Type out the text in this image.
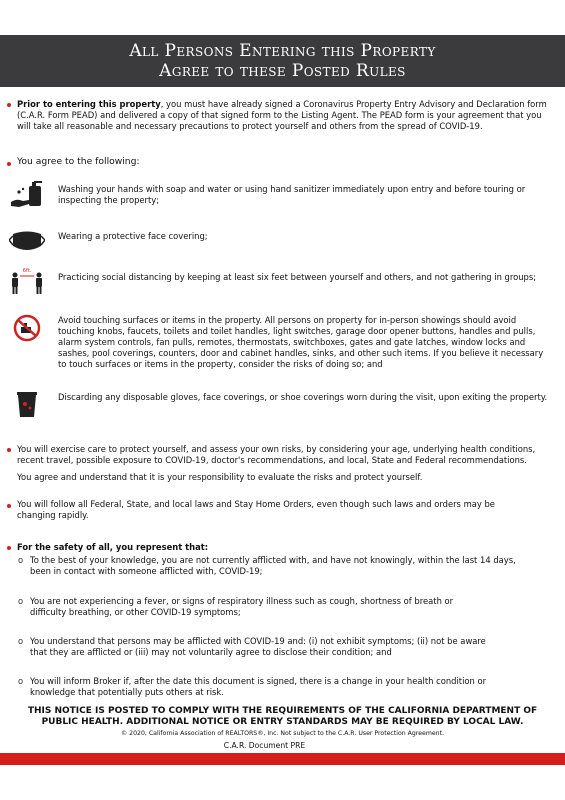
All Persons Entering this Property
Agree to these Posted Rules
Prior to entering this property, you must have already signed a Coronavirus Property Entry Advisory and Declaration form (C.A.R. Form PEAD) and delivered a copy of that signed form to the Listing Agent. The PEAD form is your agreement that you will take all reasonable and necessary precautions to protect yourself and others from the spread of COVID-19.
You agree to the following:
Washing your hands with soap and water or using hand sanitizer immediately upon entry and before touring or inspecting the property;
Wearing a protective face covering;
6ft.
Practicing social distancing by keeping at least six feet between yourself and others, and not gathering in groups;
Avoid touching surfaces or items in the property. All persons on property for in-person showings should avoid touching knobs, faucets, toilets and toilet handles, light switches, garage door opener buttons, handles and pulls, alarm system controls, fan pulls, remotes, thermostats, switchboxes, gates and gate latches, window locks and sashes, pool coverings, counters, door and cabinet handles, sinks, and other such items. If you believe it necessary to touch surfaces or items in the property, consider the risks of doing so; and
Discarding any disposable gloves, face coverings, or shoe coverings worn during the visit, upon exiting the property.
You will exercise care to protect yourself, and assess your own risks, by considering your age, underlying health conditions, recent travel, possible exposure to COVID-19, doctor's recommendations, and local, State and Federal recommendations.
You agree and understand that it is your responsibility to evaluate the risks and protect yourself.
You will follow all Federal, State, and local laws and Stay Home Orders, even though such laws and orders may be changing rapidly.
For the safety of all, you represent that:
o To the best of your knowledge, you are not currently afflicted with, and have not knowingly, within the last 14 days, been in contact with someone afflicted with, COVID-19;
o You are not experiencing a fever, or signs of respiratory illness such as cough, shortness of breath or difficulty breathing, or other COVID-19 symptoms;
o You understand that persons may be afflicted with COVID-19 and: (i) not exhibit symptoms; (ii) not be aware that they are afflicted or (iii) may not voluntarily agree to disclose their condition; and
o You will inform Broker if, after the date this document is signed, there is a change in your health condition or knowledge that potentially puts others at risk.
THIS NOTICE IS POSTED TO COMPLY WITH THE REQUIREMENTS OF THE CALIFORNIA DEPARTMENT OF
PUBLIC HEALTH. ADDITIONAL NOTICE OR ENTRY STANDARDS MAY BE REQUIRED BY LOCAL LAW.
© 2020, California Association of REALTORS®, Inc. Not subject to the C.A.R. User Protection Agreement.
C.A.R. Document PRE
